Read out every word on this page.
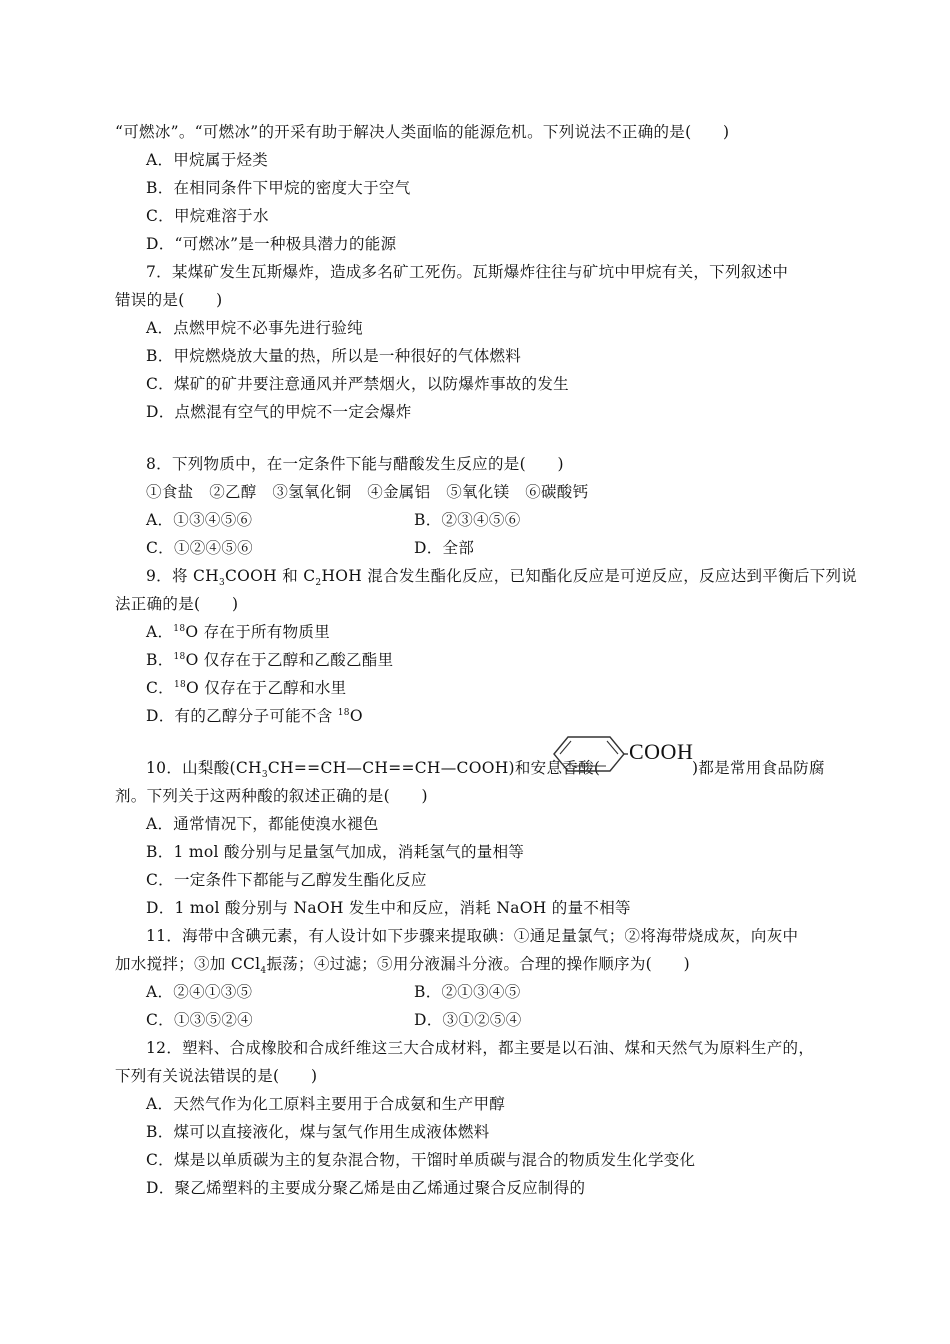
“可燃冰”。“可燃冰”的开采有助于解决人类面临的能源危机。下列说法不正确的是(　　)
A．甲烷属于烃类
B．在相同条件下甲烷的密度大于空气
C．甲烷难溶于水
D．“可燃冰”是一种极具潜力的能源
7．某煤矿发生瓦斯爆炸，造成多名矿工死伤。瓦斯爆炸往往与矿坑中甲烷有关，下列叙述中
错误的是(　　)
A．点燃甲烷不必事先进行验纯
B．甲烷燃烧放大量的热，所以是一种很好的气体燃料
C．煤矿的矿井要注意通风并严禁烟火，以防爆炸事故的发生
D．点燃混有空气的甲烷不一定会爆炸
8．下列物质中，在一定条件下能与醋酸发生反应的是(　　)
①食盐　②乙醇　③氢氧化铜　④金属铝　⑤氧化镁　⑥碳酸钙
A．①③④⑤⑥	B．②③④⑤⑥
C．①②④⑤⑥	D．全部
9．将 $CH_3COOH$ 和 $C_2HOH$ 混合发生酯化反应，已知酯化反应是可逆反应，反应达到平衡后下列说
法正确的是(　　)
A．$^{18}$O 存在于所有物质里
B．$^{18}$O 仅存在于乙醇和乙酸乙酯里
C．$^{18}$O 仅存在于乙醇和水里
D．有的乙醇分子可能不含 $^{18}$O
10．山梨酸$(CH_3CH==CH—CH==CH—COOH)$和安息香酸(
COOH
)都是常用食品防腐
剂。下列关于这两种酸的叙述正确的是(　　)
A．通常情况下，都能使溴水褪色
B．1 mol 酸分别与足量氢气加成，消耗氢气的量相等
C．一定条件下都能与乙醇发生酯化反应
D．1 mol 酸分别与 NaOH 发生中和反应，消耗 NaOH 的量不相等
11．海带中含碘元素，有人设计如下步骤来提取碘：①通足量氯气；②将海带烧成灰，向灰中
加水搅拌；③加 CCl$_4$振荡；④过滤；⑤用分液漏斗分液。合理的操作顺序为(　　)
A．②④①③⑤	B．②①③④⑤
C．①③⑤②④	D．③①②⑤④
12．塑料、合成橡胶和合成纤维这三大合成材料，都主要是以石油、煤和天然气为原料生产的，
下列有关说法错误的是(　　)
A．天然气作为化工原料主要用于合成氨和生产甲醇
B．煤可以直接液化，煤与氢气作用生成液体燃料
C．煤是以单质碳为主的复杂混合物，干馏时单质碳与混合的物质发生化学变化
D．聚乙烯塑料的主要成分聚乙烯是由乙烯通过聚合反应制得的
